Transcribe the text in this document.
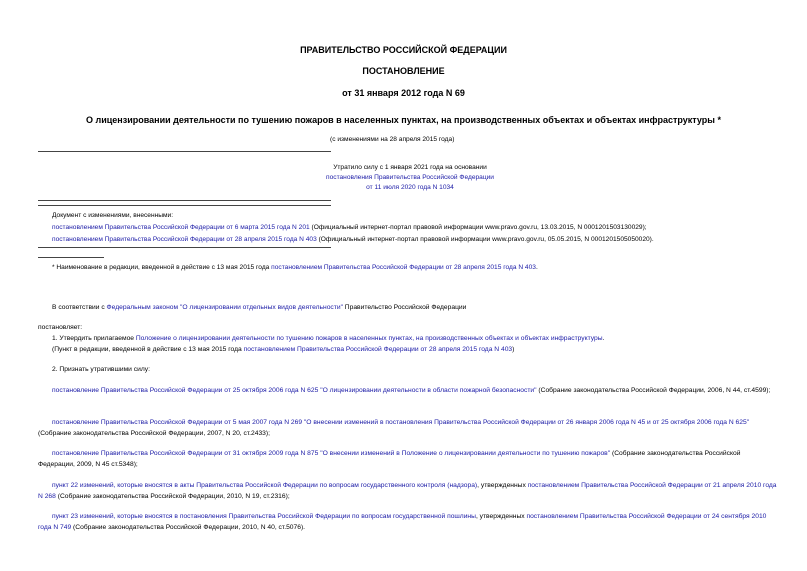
ПРАВИТЕЛЬСТВО РОССИЙСКОЙ ФЕДЕРАЦИИ
ПОСТАНОВЛЕНИЕ
от 31 января 2012 года N 69
О лицензировании деятельности по тушению пожаров в населенных пунктах, на производственных объектах и объектах инфраструктуры *
(с изменениями на 28 апреля 2015 года)
Утратило силу с 1 января 2021 года на основании
постановления Правительства Российской Федерации
от 11 июля 2020 года N 1034
Документ с изменениями, внесенными:
постановлением Правительства Российской Федерации от 6 марта 2015 года N 201 (Официальный интернет-портал правовой информации www.pravo.gov.ru, 13.03.2015, N 0001201503130029);
постановлением Правительства Российской Федерации от 28 апреля 2015 года N 403 (Официальный интернет-портал правовой информации www.pravo.gov.ru, 05.05.2015, N 0001201505050020).
* Наименование в редакции, введенной в действие с 13 мая 2015 года постановлением Правительства Российской Федерации от 28 апреля 2015 года N 403.
В соответствии с Федеральным законом "О лицензировании отдельных видов деятельности" Правительство Российской Федерации
постановляет:
1. Утвердить прилагаемое Положение о лицензировании деятельности по тушению пожаров в населенных пунктах, на производственных объектах и объектах инфраструктуры.
(Пункт в редакции, введенной в действие с 13 мая 2015 года постановлением Правительства Российской Федерации от 28 апреля 2015 года N 403)
2. Признать утратившими силу:
постановление Правительства Российской Федерации от 25 октября 2006 года N 625 "О лицензировании деятельности в области пожарной безопасности" (Собрание законодательства Российской Федерации, 2006, N 44, ст.4599);
постановление Правительства Российской Федерации от 5 мая 2007 года N 269 "О внесении изменений в постановления Правительства Российской Федерации от 26 января 2006 года N 45 и от 25 октября 2006 года N 625" (Собрание законодательства Российской Федерации, 2007, N 20, ст.2433);
постановление Правительства Российской Федерации от 31 октября 2009 года N 875 "О внесении изменений в Положение о лицензировании деятельности по тушению пожаров" (Собрание законодательства Российской Федерации, 2009, N 45 ст.5348);
пункт 22 изменений, которые вносятся в акты Правительства Российской Федерации по вопросам государственного контроля (надзора), утвержденных постановлением Правительства Российской Федерации от 21 апреля 2010 года N 268 (Собрание законодательства Российской Федерации, 2010, N 19, ст.2316);
пункт 23 изменений, которые вносятся в постановления Правительства Российской Федерации по вопросам государственной пошлины, утвержденных постановлением Правительства Российской Федерации от 24 сентября 2010 года N 749 (Собрание законодательства Российской Федерации, 2010, N 40, ст.5076).
